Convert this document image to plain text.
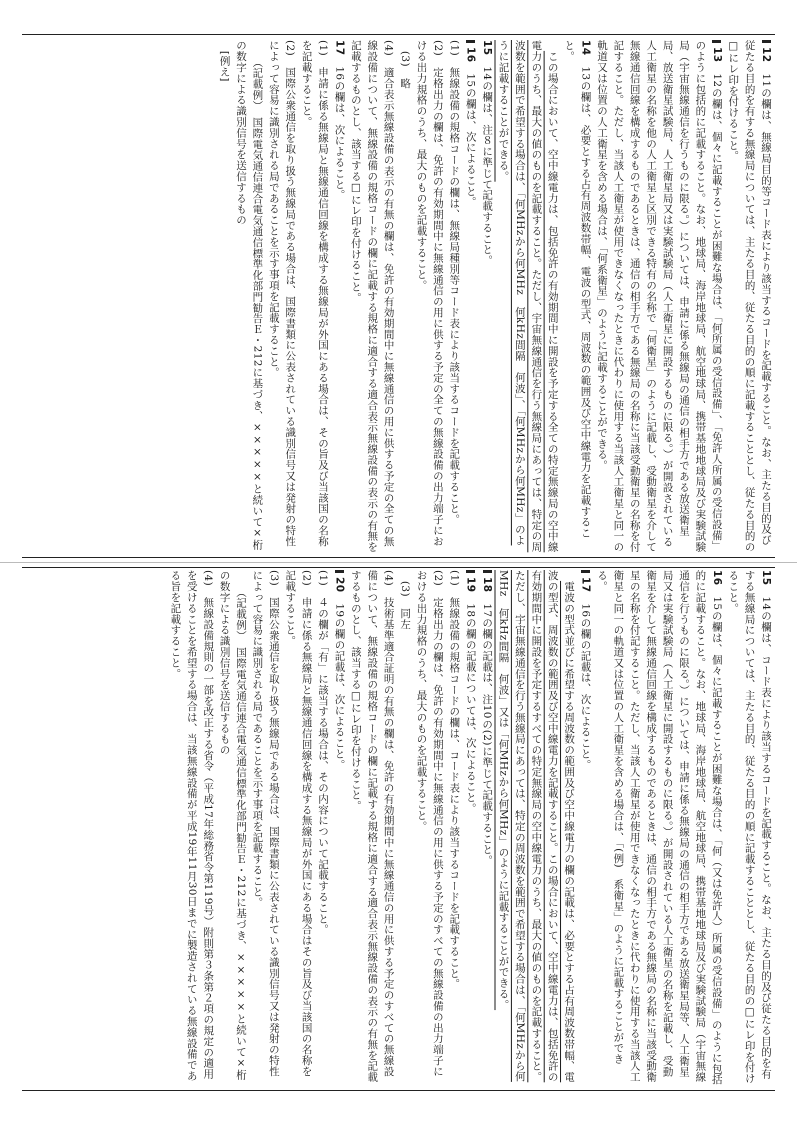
12　11の欄は、無線局目的等コード表により該当するコードを記載すること。なお、主たる目的及び従たる目的を有する無線局については、主たる目的、従たる目的の順に記載することとし、従たる目的の□にレ印を付けること。
13　12の欄は、個々に記載することが困難な場合は、「何所属の受信設備」、「免許人所属の受信設備」のように包括的に記載すること。なお、地球局、海岸地球局、航空地球局、携帯基地地球局及び実験試験局（宇宙無線通信を行うものに限る。）については、申請に係る無線局の通信の相手方である放送衛星局、放送衛星試験局、人工衛星局又は実験試験局（人工衛星に開設するものに限る。）が開設されている人工衛星の名称を他の人工衛星と区別できる特有の名称で「何衛星」のように記載し、受動衛星を介して無線通信回線を構成するものであるときは、通信の相手方である無線局の名称に当該受動衛星の名称を付記すること。ただし、当該人工衛星が使用できなくなったときに代わりに使用する当該人工衛星と同一の軌道又は位置の人工衛星を含める場合は、「何系衛星」のように記載することができる。
14　13の欄は、必要とする占有周波数帯幅、電波の型式、周波数の範囲及び空中線電力を記載すること。
　この場合において、空中線電力は、包括免許の有効期間中に開設を予定する全ての特定無線局の空中線電力のうち、最大の値のものを記載すること。ただし、宇宙無線通信を行う無線局にあっては、特定の周波数を範囲で希望する場合は、「何MHzから何MHz　何kHz間隔　何波」、「何MHzから何MHz」のように記載することができる。
15　14の欄は、注８に準じて記載すること。
16　15の欄は、次によること。
(1)　無線設備の規格コードの欄は、無線局種別等コード表により該当するコードを記載すること。
(2)　定格出力の欄は、免許の有効期間中に無線通信の用に供する予定の全ての無線設備の出力端子における出力規格のうち、最大のものを記載すること。
　(3)　略
(4)　適合表示無線設備の表示の有無の欄は、免許の有効期間中に無線通信の用に供する予定の全ての無線設備について、無線設備の規格コードの欄に記載する規格に適合する適合表示無線設備の表示の有無を記載するものとし、該当する□にレ印を付けること。
17　16の欄は、次によること。
(1)　申請に係る無線局と無線通信回線を構成する無線局が外国にある場合は、その旨及び当該国の名称を記載すること。
(2)　国際公衆通信を取り扱う無線局である場合は、国際書類に公表されている識別信号又は発射の特性によって容易に識別される局であることを示す事項を記載すること。
　　（記載例）　国際電気通信連合電気通信標準化部門勧告Ｅ・212に基づき、×××××と続いて×桁の数字による識別信号を送信するもの
　[例え]
15　14の欄は、コード表により該当するコードを記載すること。なお、主たる目的及び従たる目的を有する無線局については、主たる目的、従たる目的の順に記載することとし、従たる目的の□にレ印を付けること。
16　15の欄は、個々に記載することが困難な場合は、「何（又は免許人）所属の受信設備」のように包括的に記載すること。なお、地球局、海岸地球局、航空地球局、携帯基地地球局及び実験試験局（宇宙無線通信を行うものに限る。）については、申請に係る無線局の通信の相手方である放送衛星局等、人工衛星局又は実験試験局（人工衛星に開設するものに限る。）が開設されている人工衛星の名称を記載し、受動衛星を介して無線通信回線を構成するものであるときは、通信の相手方である無線局の名称に当該受動衛星の名称を付記すること。ただし、当該人工衛星が使用できなくなったときに代わりに使用する当該人工衛星と同一の軌道又は位置の人工衛星を含める場合は、「(例)　系衛星」のように記載することができる。
17　16の欄の記載は、次によること。
　電波の型式並びに希望する周波数の範囲及び空中線電力の欄の記載は、必要とする占有周波数帯幅、電波の型式、周波数の範囲及び空中線電力を記載すること。この場合において、空中線電力は、包括免許の有効期間中に開設を予定するすべての特定無線局の空中線電力のうち、最大の値のものを記載すること。ただし、宇宙無線通信を行う無線局にあっては、特定の周波数を範囲で希望する場合は、「何MHzから何MHz　何kHz間隔　何波」又は「何MHzから何MHz」のように記載することができる。
18　17の欄の記載は、注10の(2)に準じて記載すること。
19　18の欄の記載については、次によること。
(1)　無線設備の規格コードの欄は、コード表により該当するコードを記載すること。
(2)　定格出力の欄は、免許の有効期間中に無線通信の用に供する予定のすべての無線設備の出力端子における出力規格のうち、最大のものを記載すること。
　(3)　同左
(4)　技術基準適合証明の有無の欄は、免許の有効期間中に無線通信の用に供する予定のすべての無線設備について、無線設備の規格コードの欄に記載する規格に適合する適合表示無線設備の表示の有無を記載するものとし、該当する□にレ印を付けること。
20　19の欄の記載は、次によること。
(1)　４の欄が「有」に該当する場合は、その内容について記載すること。
(2)　申請に係る無線局と無線通信回線を構成する無線局が外国にある場合はその旨及び当該国の名称を記載すること。
(3)　国際公衆通信を取り扱う無線局である場合は、国際書類に公表されている識別信号又は発射の特性によって容易に識別される局であることを示す事項を記載すること。
　　（記載例）　国際電気通信連合電気通信標準化部門勧告Ｅ・212に基づき、×××××と続いて×桁の数字による識別信号を送信するもの
(4)　無線設備規則の一部を改正する省令（平成17年総務省令第119号）附則第３条第２項の規定の適用を受けることを希望する場合は、当該無線設備が平成19年11月30日までに製造されている無線設備である旨を記載すること。
